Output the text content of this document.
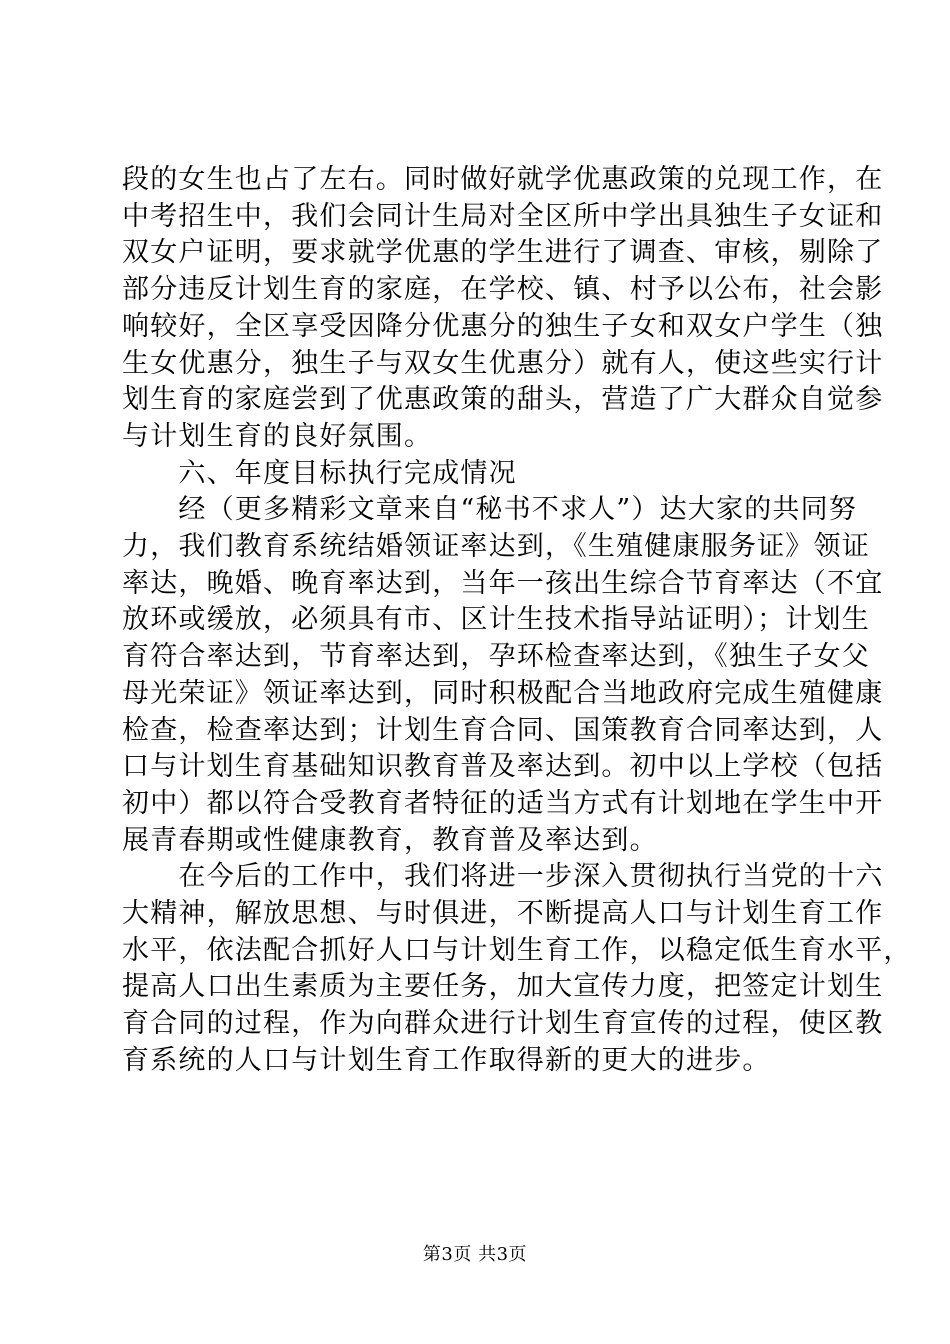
段的女生也占了左右。同时做好就学优惠政策的兑现工作，在

中考招生中，我们会同计生局对全区所中学出具独生子女证和

双女户证明，要求就学优惠的学生进行了调查、审核，剔除了

部分违反计划生育的家庭，在学校、镇、村予以公布，社会影

响较好，全区享受因降分优惠分的独生子女和双女户学生（独

生女优惠分，独生子与双女生优惠分）就有人，使这些实行计

划生育的家庭尝到了优惠政策的甜头，营造了广大群众自觉参

与计划生育的良好氛围。

　　六、年度目标执行完成情况

　　经（更多精彩文章来自“秘书不求人”）达大家的共同努

力，我们教育系统结婚领证率达到，《生殖健康服务证》领证

率达，晚婚、晚育率达到，当年一孩出生综合节育率达（不宜

放环或缓放，必须具有市、区计生技术指导站证明）；计划生

育符合率达到，节育率达到，孕环检查率达到，《独生子女父

母光荣证》领证率达到，同时积极配合当地政府完成生殖健康

检查，检查率达到；计划生育合同、国策教育合同率达到，人

口与计划生育基础知识教育普及率达到。初中以上学校（包括

初中）都以符合受教育者特征的适当方式有计划地在学生中开

展青春期或性健康教育，教育普及率达到。

　　在今后的工作中，我们将进一步深入贯彻执行当党的十六

大精神，解放思想、与时俱进，不断提高人口与计划生育工作

水平，依法配合抓好人口与计划生育工作，以稳定低生育水平，

提高人口出生素质为主要任务，加大宣传力度，把签定计划生

育合同的过程，作为向群众进行计划生育宣传的过程，使区教

育系统的人口与计划生育工作取得新的更大的进步。

第3页 共3页
